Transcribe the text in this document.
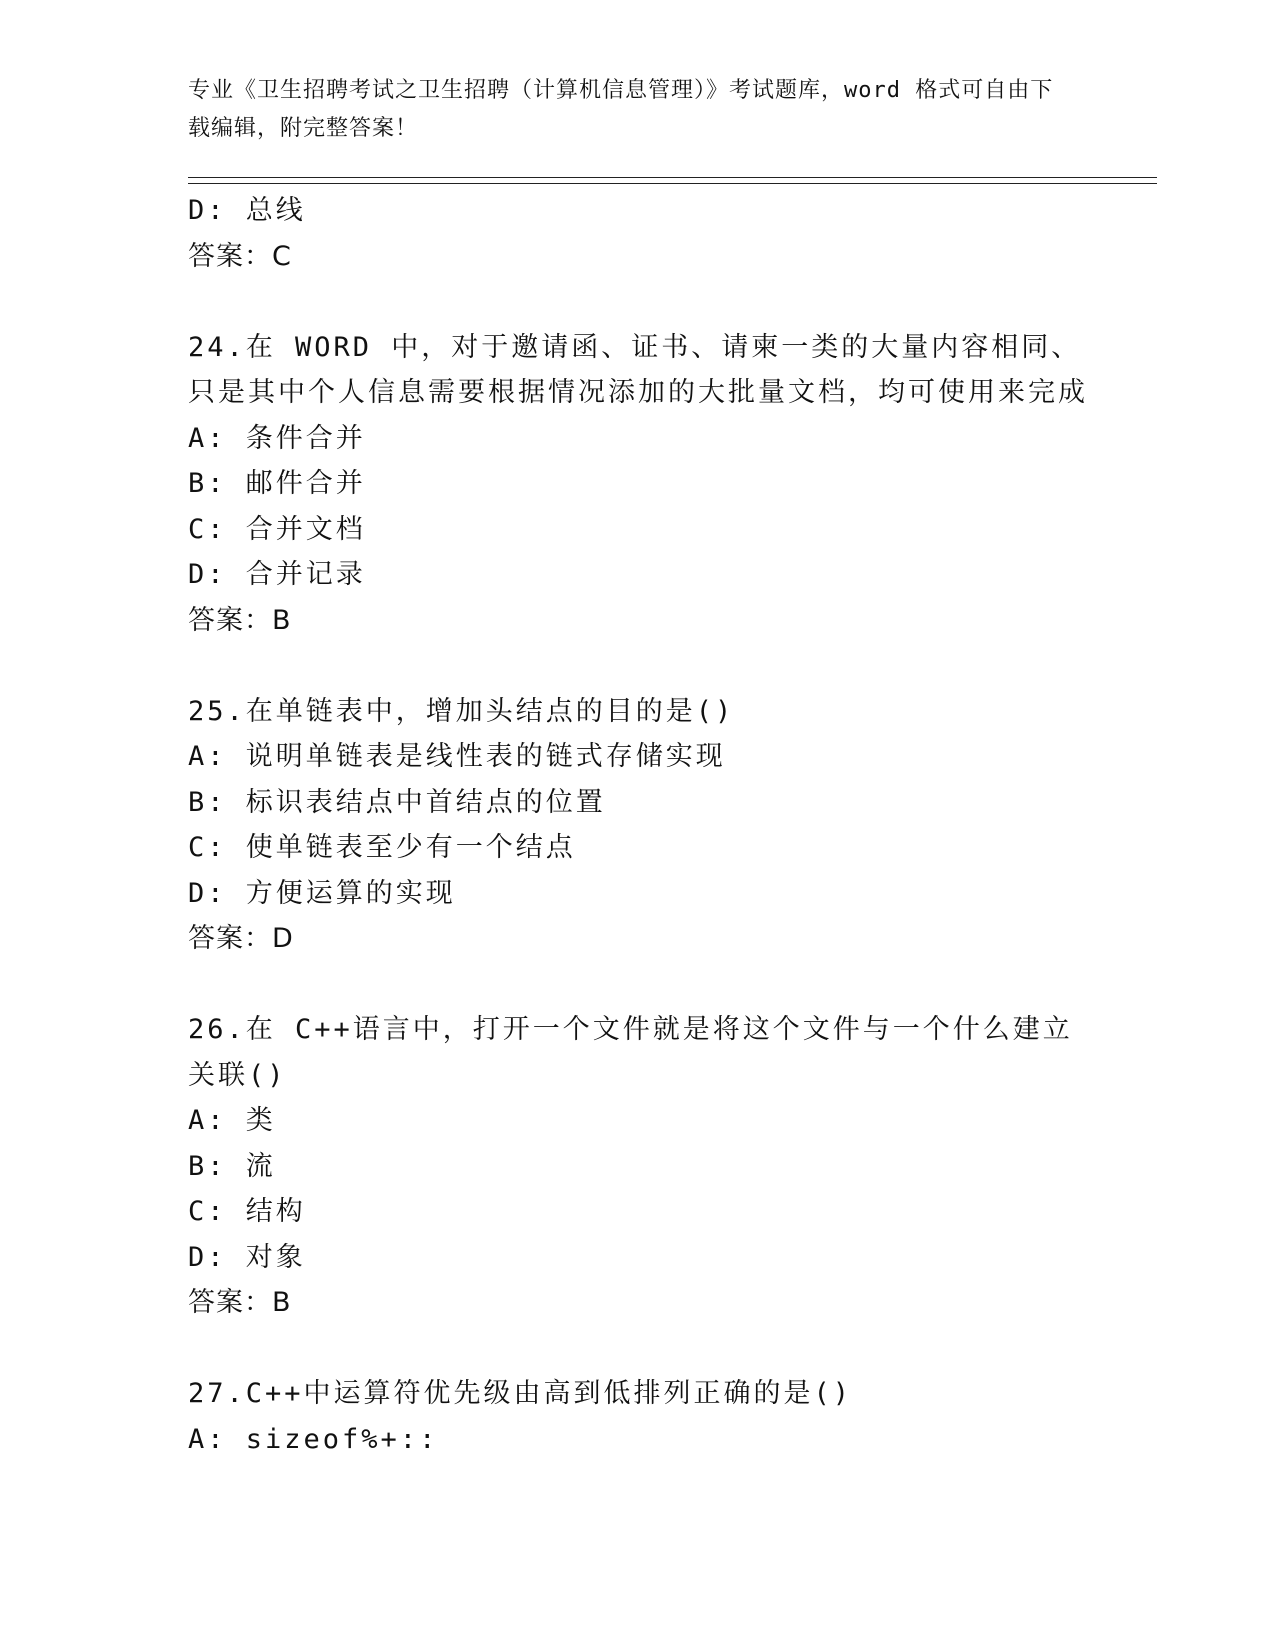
专业《卫生招聘考试之卫生招聘（计算机信息管理）》考试题库，word 格式可自由下载编辑，附完整答案！
D: 总线
答案：C
24.在 WORD 中，对于邀请函、证书、请柬一类的大量内容相同、只是其中个人信息需要根据情况添加的大批量文档，均可使用来完成
A: 条件合并
B: 邮件合并
C: 合并文档
D: 合并记录
答案：B
25.在单链表中，增加头结点的目的是()
A: 说明单链表是线性表的链式存储实现
B: 标识表结点中首结点的位置
C: 使单链表至少有一个结点
D: 方便运算的实现
答案：D
26.在 C++语言中，打开一个文件就是将这个文件与一个什么建立关联()
A: 类
B: 流
C: 结构
D: 对象
答案：B
27.C++中运算符优先级由高到低排列正确的是()
A: sizeof%+::
